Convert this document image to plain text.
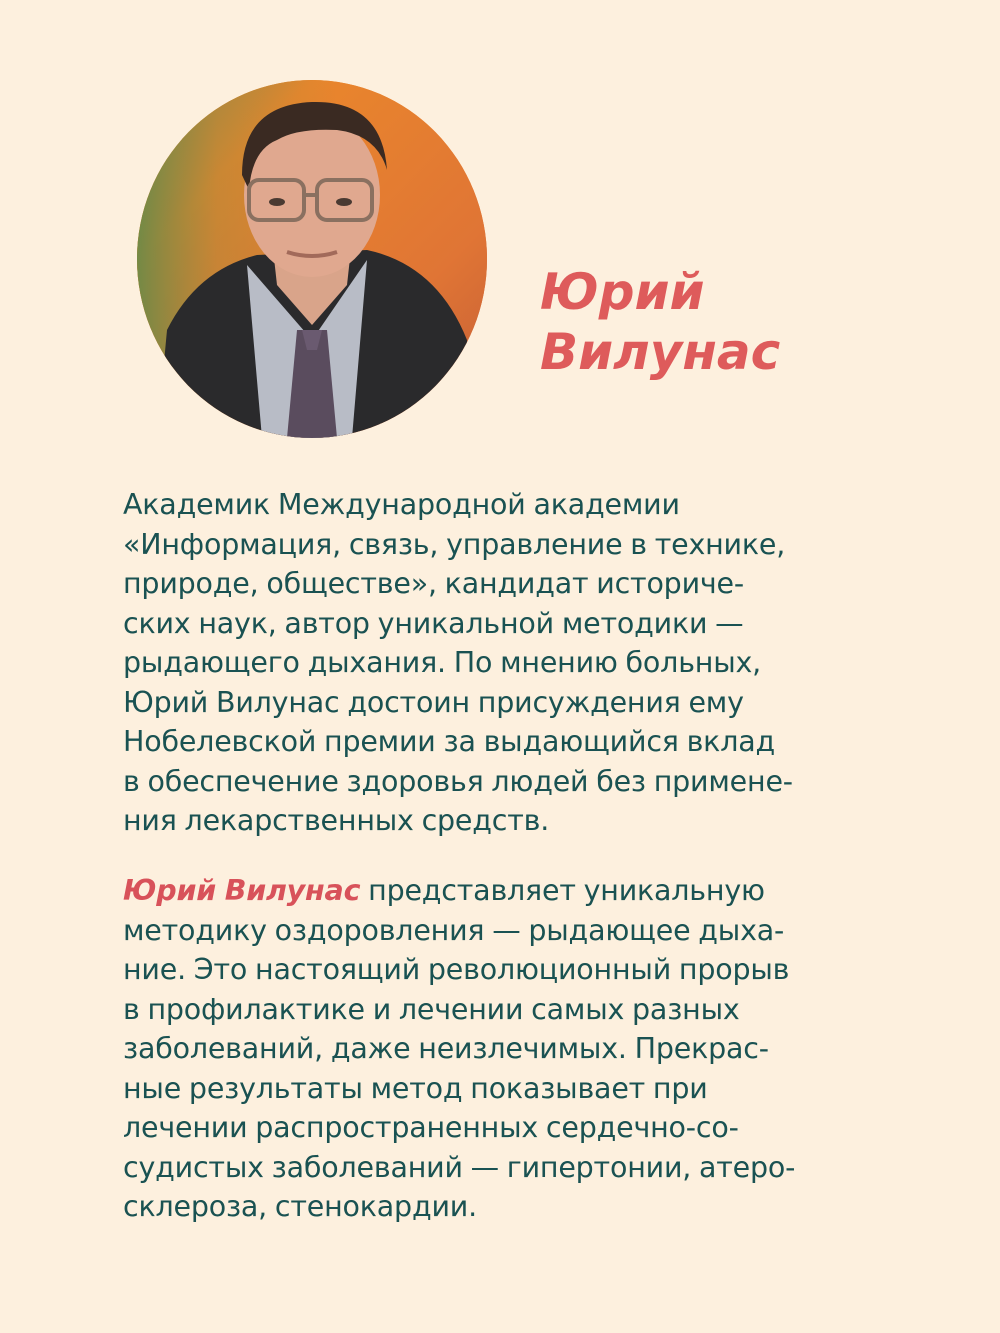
Юрий
Вилунас
Академик Международной академии
«Информация, связь, управление в технике,
природе, обществе», кандидат историче-
ских наук, автор уникальной методики —
рыдающего дыхания. По мнению больных,
Юрий Вилунас достоин присуждения ему
Нобелевской премии за выдающийся вклад
в обеспечение здоровья людей без примене-
ния лекарственных средств.
Юрий Вилунас представляет уникальную
методику оздоровления — рыдающее дыха-
ние. Это настоящий революционный прорыв
в профилактике и лечении самых разных
заболеваний, даже неизлечимых. Прекрас-
ные результаты метод показывает при
лечении распространенных сердечно-со-
судистых заболеваний — гипертонии, атеро-
склероза, стенокардии.
